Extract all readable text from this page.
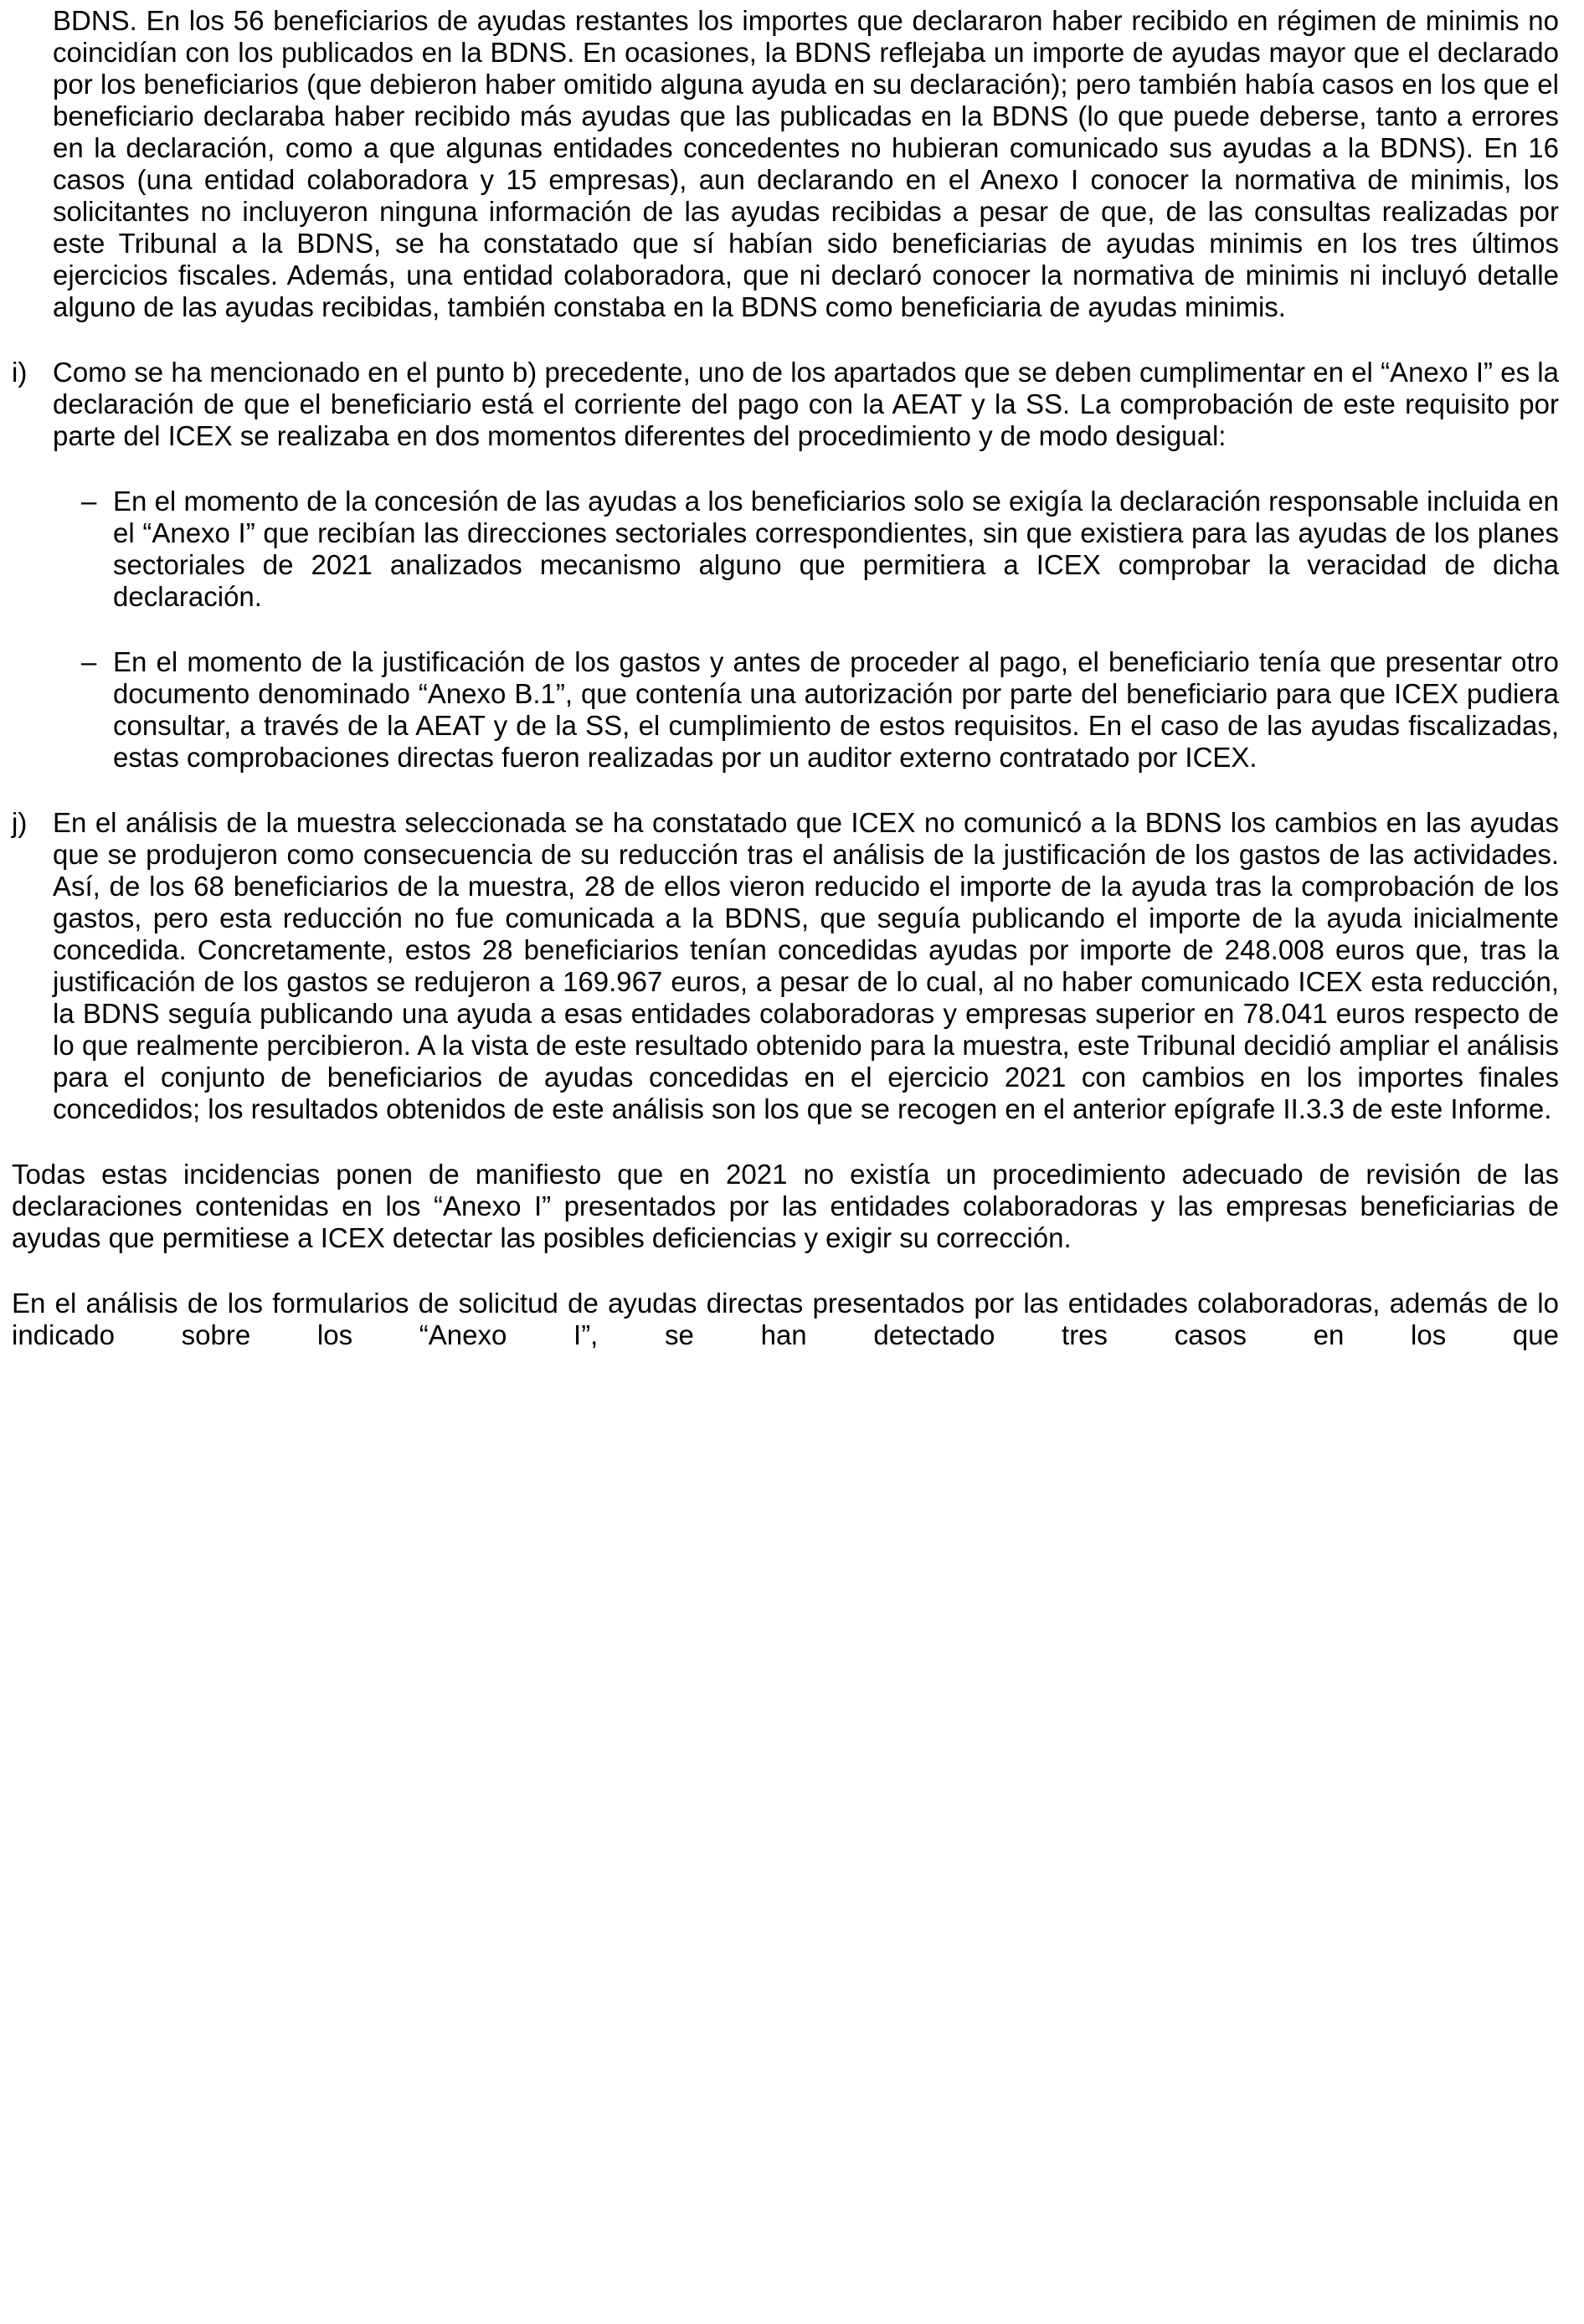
BDNS. En los 56 beneficiarios de ayudas restantes los importes que declararon haber recibido en régimen de minimis no coincidían con los publicados en la BDNS. En ocasiones, la BDNS reflejaba un importe de ayudas mayor que el declarado por los beneficiarios (que debieron haber omitido alguna ayuda en su declaración); pero también había casos en los que el beneficiario declaraba haber recibido más ayudas que las publicadas en la BDNS (lo que puede deberse, tanto a errores en la declaración, como a que algunas entidades concedentes no hubieran comunicado sus ayudas a la BDNS). En 16 casos (una entidad colaboradora y 15 empresas), aun declarando en el Anexo I conocer la normativa de minimis, los solicitantes no incluyeron ninguna información de las ayudas recibidas a pesar de que, de las consultas realizadas por este Tribunal a la BDNS, se ha constatado que sí habían sido beneficiarias de ayudas minimis en los tres últimos ejercicios fiscales. Además, una entidad colaboradora, que ni declaró conocer la normativa de minimis ni incluyó detalle alguno de las ayudas recibidas, también constaba en la BDNS como beneficiaria de ayudas minimis.
i) Como se ha mencionado en el punto b) precedente, uno de los apartados que se deben cumplimentar en el “Anexo I” es la declaración de que el beneficiario está el corriente del pago con la AEAT y la SS. La comprobación de este requisito por parte del ICEX se realizaba en dos momentos diferentes del procedimiento y de modo desigual:
– En el momento de la concesión de las ayudas a los beneficiarios solo se exigía la declaración responsable incluida en el “Anexo I” que recibían las direcciones sectoriales correspondientes, sin que existiera para las ayudas de los planes sectoriales de 2021 analizados mecanismo alguno que permitiera a ICEX comprobar la veracidad de dicha declaración.
– En el momento de la justificación de los gastos y antes de proceder al pago, el beneficiario tenía que presentar otro documento denominado “Anexo B.1”, que contenía una autorización por parte del beneficiario para que ICEX pudiera consultar, a través de la AEAT y de la SS, el cumplimiento de estos requisitos. En el caso de las ayudas fiscalizadas, estas comprobaciones directas fueron realizadas por un auditor externo contratado por ICEX.
j) En el análisis de la muestra seleccionada se ha constatado que ICEX no comunicó a la BDNS los cambios en las ayudas que se produjeron como consecuencia de su reducción tras el análisis de la justificación de los gastos de las actividades. Así, de los 68 beneficiarios de la muestra, 28 de ellos vieron reducido el importe de la ayuda tras la comprobación de los gastos, pero esta reducción no fue comunicada a la BDNS, que seguía publicando el importe de la ayuda inicialmente concedida. Concretamente, estos 28 beneficiarios tenían concedidas ayudas por importe de 248.008 euros que, tras la justificación de los gastos se redujeron a 169.967 euros, a pesar de lo cual, al no haber comunicado ICEX esta reducción, la BDNS seguía publicando una ayuda a esas entidades colaboradoras y empresas superior en 78.041 euros respecto de lo que realmente percibieron. A la vista de este resultado obtenido para la muestra, este Tribunal decidió ampliar el análisis para el conjunto de beneficiarios de ayudas concedidas en el ejercicio 2021 con cambios en los importes finales concedidos; los resultados obtenidos de este análisis son los que se recogen en el anterior epígrafe II.3.3 de este Informe.
Todas estas incidencias ponen de manifiesto que en 2021 no existía un procedimiento adecuado de revisión de las declaraciones contenidas en los “Anexo I” presentados por las entidades colaboradoras y las empresas beneficiarias de ayudas que permitiese a ICEX detectar las posibles deficiencias y exigir su corrección.
En el análisis de los formularios de solicitud de ayudas directas presentados por las entidades colaboradoras, además de lo indicado sobre los “Anexo I”, se han detectado tres casos en los que
